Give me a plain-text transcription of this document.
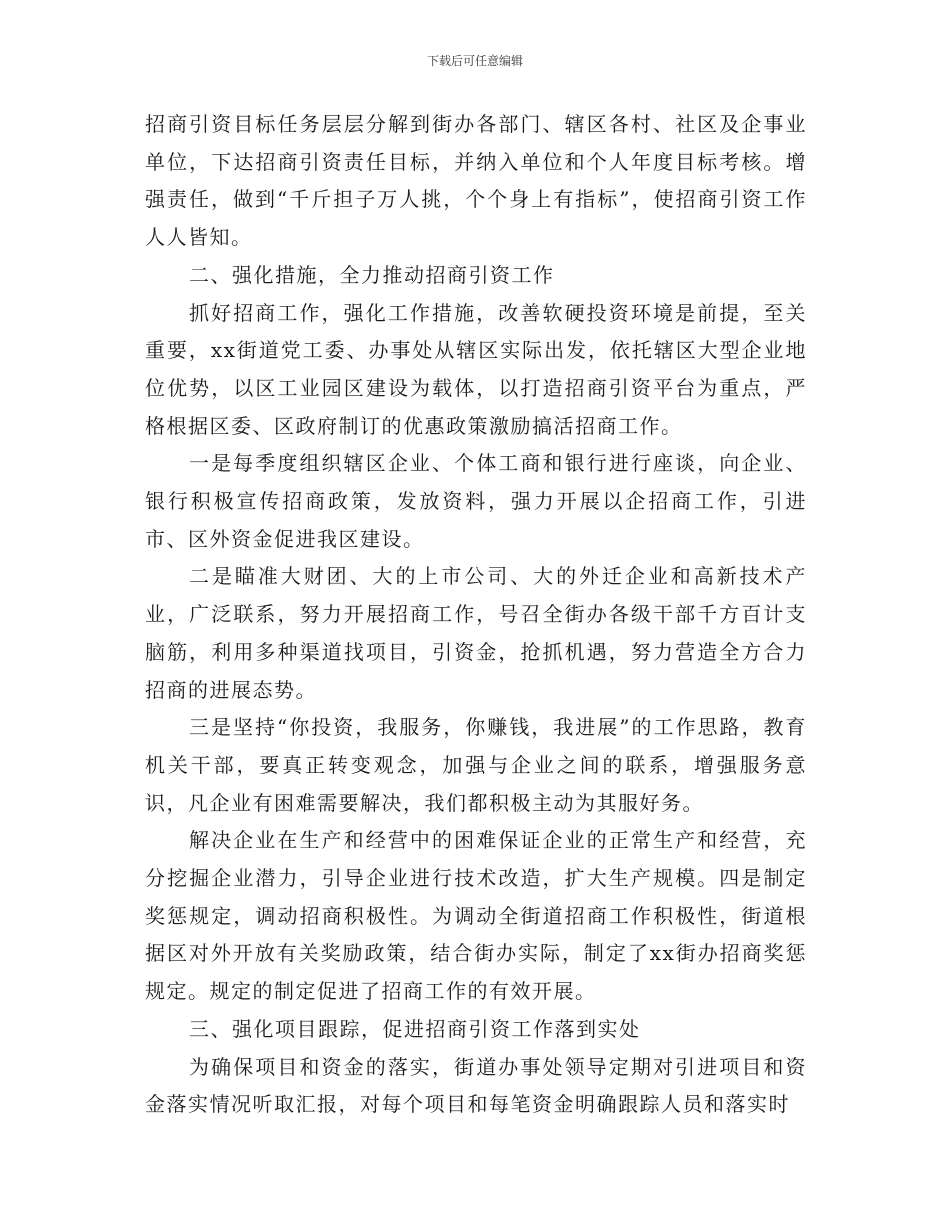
下载后可任意编辑

招商引资目标任务层层分解到街办各部门、辖区各村、社区及企事业单位，下达招商引资责任目标，并纳入单位和个人年度目标考核。增强责任，做到“千斤担子万人挑，个个身上有指标”，使招商引资工作人人皆知。

二、强化措施，全力推动招商引资工作

抓好招商工作，强化工作措施，改善软硬投资环境是前提，至关重要，xx街道党工委、办事处从辖区实际出发，依托辖区大型企业地位优势，以区工业园区建设为载体，以打造招商引资平台为重点，严格根据区委、区政府制订的优惠政策激励搞活招商工作。

一是每季度组织辖区企业、个体工商和银行进行座谈，向企业、银行积极宣传招商政策，发放资料，强力开展以企招商工作，引进市、区外资金促进我区建设。

二是瞄准大财团、大的上市公司、大的外迁企业和高新技术产业，广泛联系，努力开展招商工作，号召全街办各级干部千方百计支脑筋，利用多种渠道找项目，引资金，抢抓机遇，努力营造全方合力招商的进展态势。

三是坚持“你投资，我服务，你赚钱，我进展”的工作思路，教育机关干部，要真正转变观念，加强与企业之间的联系，增强服务意识，凡企业有困难需要解决，我们都积极主动为其服好务。

解决企业在生产和经营中的困难保证企业的正常生产和经营，充分挖掘企业潜力，引导企业进行技术改造，扩大生产规模。四是制定奖惩规定，调动招商积极性。为调动全街道招商工作积极性，街道根据区对外开放有关奖励政策，结合街办实际，制定了xx街办招商奖惩规定。规定的制定促进了招商工作的有效开展。

三、强化项目跟踪，促进招商引资工作落到实处

为确保项目和资金的落实，街道办事处领导定期对引进项目和资金落实情况听取汇报，对每个项目和每笔资金明确跟踪人员和落实时
